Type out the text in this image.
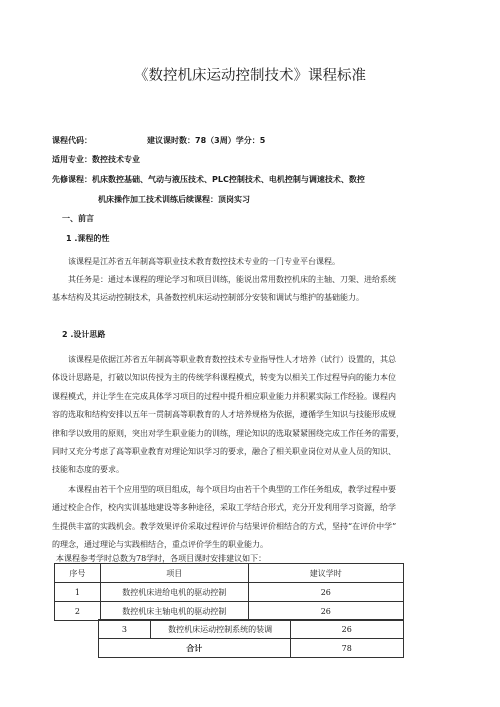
《数控机床运动控制技术》课程标准
课程代码：	建议课时数：78（3周）学分：5
适用专业：数控技术专业
先修课程：机床数控基础、气动与液压技术、PLC控制技术、电机控制与调速技术、数控
机床操作加工技术训练后续课程：顶岗实习
一、前言
1 .课程的性
该课程是江苏省五年制高等职业技术教育数控技术专业的一门专业平台课程。
其任务是：通过本课程的理论学习和项目训练，能说出常用数控机床的主轴、刀架、进给系统
基本结构及其运动控制技术，具备数控机床运动控制部分安装和调试与维护的基础能力。
2 .设计思路
该课程是依据江苏省五年制高等职业教育数控技术专业指导性人才培养（试行）设置的，其总
体设计思路是，打破以知识传授为主的传统学科课程模式，转变为以相关工作过程导向的能力本位
课程模式，并让学生在完成具体学习项目的过程中提升相应职业能力并积累实际工作经验。课程内
容的选取和结构安排以五年一贯制高等职教育的人才培养规格为依据，遵循学生知识与技能形成规
律和学以致用的原则，突出对学生职业能力的训练，理论知识的选取紧紧围绕完成工作任务的需要，
同时又充分考虑了高等职业教育对理论知识学习的要求，融合了相关职业岗位对从业人员的知识、
技能和态度的要求。
本课程由若干个应用型的项目组成，每个项目均由若干个典型的工作任务组成，教学过程中要
通过校企合作，校内实训基地建设等多种途径，采取工学结合形式，充分开发利用学习资源，给学
生提供丰富的实践机会。教学效果评价采取过程评价与结果评价相结合的方式，坚持“在评价中学”
的理念，通过理论与实践相结合，重点评价学生的职业能力。
本课程参考学时总数为78学时，各项目课时安排建议如下：
序号	项目	建议学时
1	数控机床进给电机的驱动控制	26
2	数控机床主轴电机的驱动控制	26
3	数控机床运动控制系统的装调	26
合计		78
